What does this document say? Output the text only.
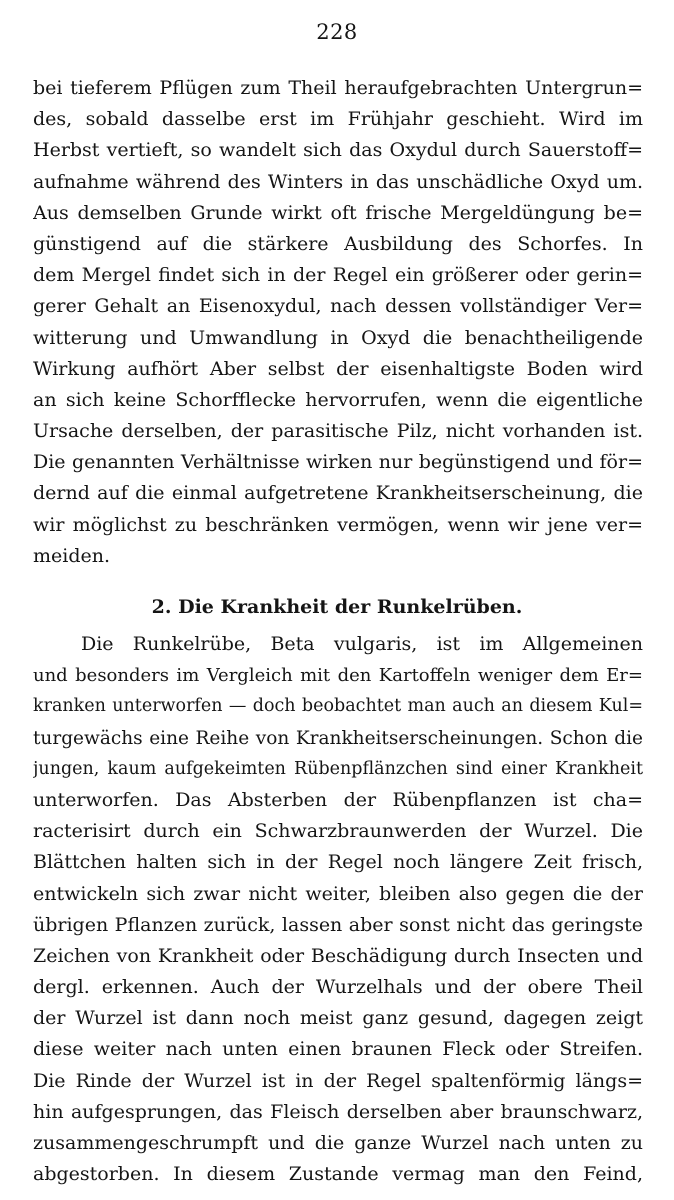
228
bei tieferem Pflügen zum Theil heraufgebrachten Untergrun=
des, sobald dasselbe erst im Frühjahr geschieht. Wird im
Herbst vertieft, so wandelt sich das Oxydul durch Sauerstoff=
aufnahme während des Winters in das unschädliche Oxyd um.
Aus demselben Grunde wirkt oft frische Mergeldüngung be=
günstigend auf die stärkere Ausbildung des Schorfes. In
dem Mergel findet sich in der Regel ein größerer oder gerin=
gerer Gehalt an Eisenoxydul, nach dessen vollständiger Ver=
witterung und Umwandlung in Oxyd die benachtheiligende
Wirkung aufhört Aber selbst der eisenhaltigste Boden wird
an sich keine Schorfflecke hervorrufen, wenn die eigentliche
Ursache derselben, der parasitische Pilz, nicht vorhanden ist.
Die genannten Verhältnisse wirken nur begünstigend und för=
dernd auf die einmal aufgetretene Krankheitserscheinung, die
wir möglichst zu beschränken vermögen, wenn wir jene ver=
meiden.
2. Die Krankheit der Runkelrüben.
Die Runkelrübe, Beta vulgaris, ist im Allgemeinen
und besonders im Vergleich mit den Kartoffeln weniger dem Er=
kranken unterworfen — doch beobachtet man auch an diesem Kul=
turgewächs eine Reihe von Krankheitserscheinungen. Schon die
jungen, kaum aufgekeimten Rübenpflänzchen sind einer Krankheit
unterworfen. Das Absterben der Rübenpflanzen ist cha=
racterisirt durch ein Schwarzbraunwerden der Wurzel. Die
Blättchen halten sich in der Regel noch längere Zeit frisch,
entwickeln sich zwar nicht weiter, bleiben also gegen die der
übrigen Pflanzen zurück, lassen aber sonst nicht das geringste
Zeichen von Krankheit oder Beschädigung durch Insecten und
dergl. erkennen. Auch der Wurzelhals und der obere Theil
der Wurzel ist dann noch meist ganz gesund, dagegen zeigt
diese weiter nach unten einen braunen Fleck oder Streifen.
Die Rinde der Wurzel ist in der Regel spaltenförmig längs=
hin aufgesprungen, das Fleisch derselben aber braunschwarz,
zusammengeschrumpft und die ganze Wurzel nach unten zu
abgestorben. In diesem Zustande vermag man den Feind,
